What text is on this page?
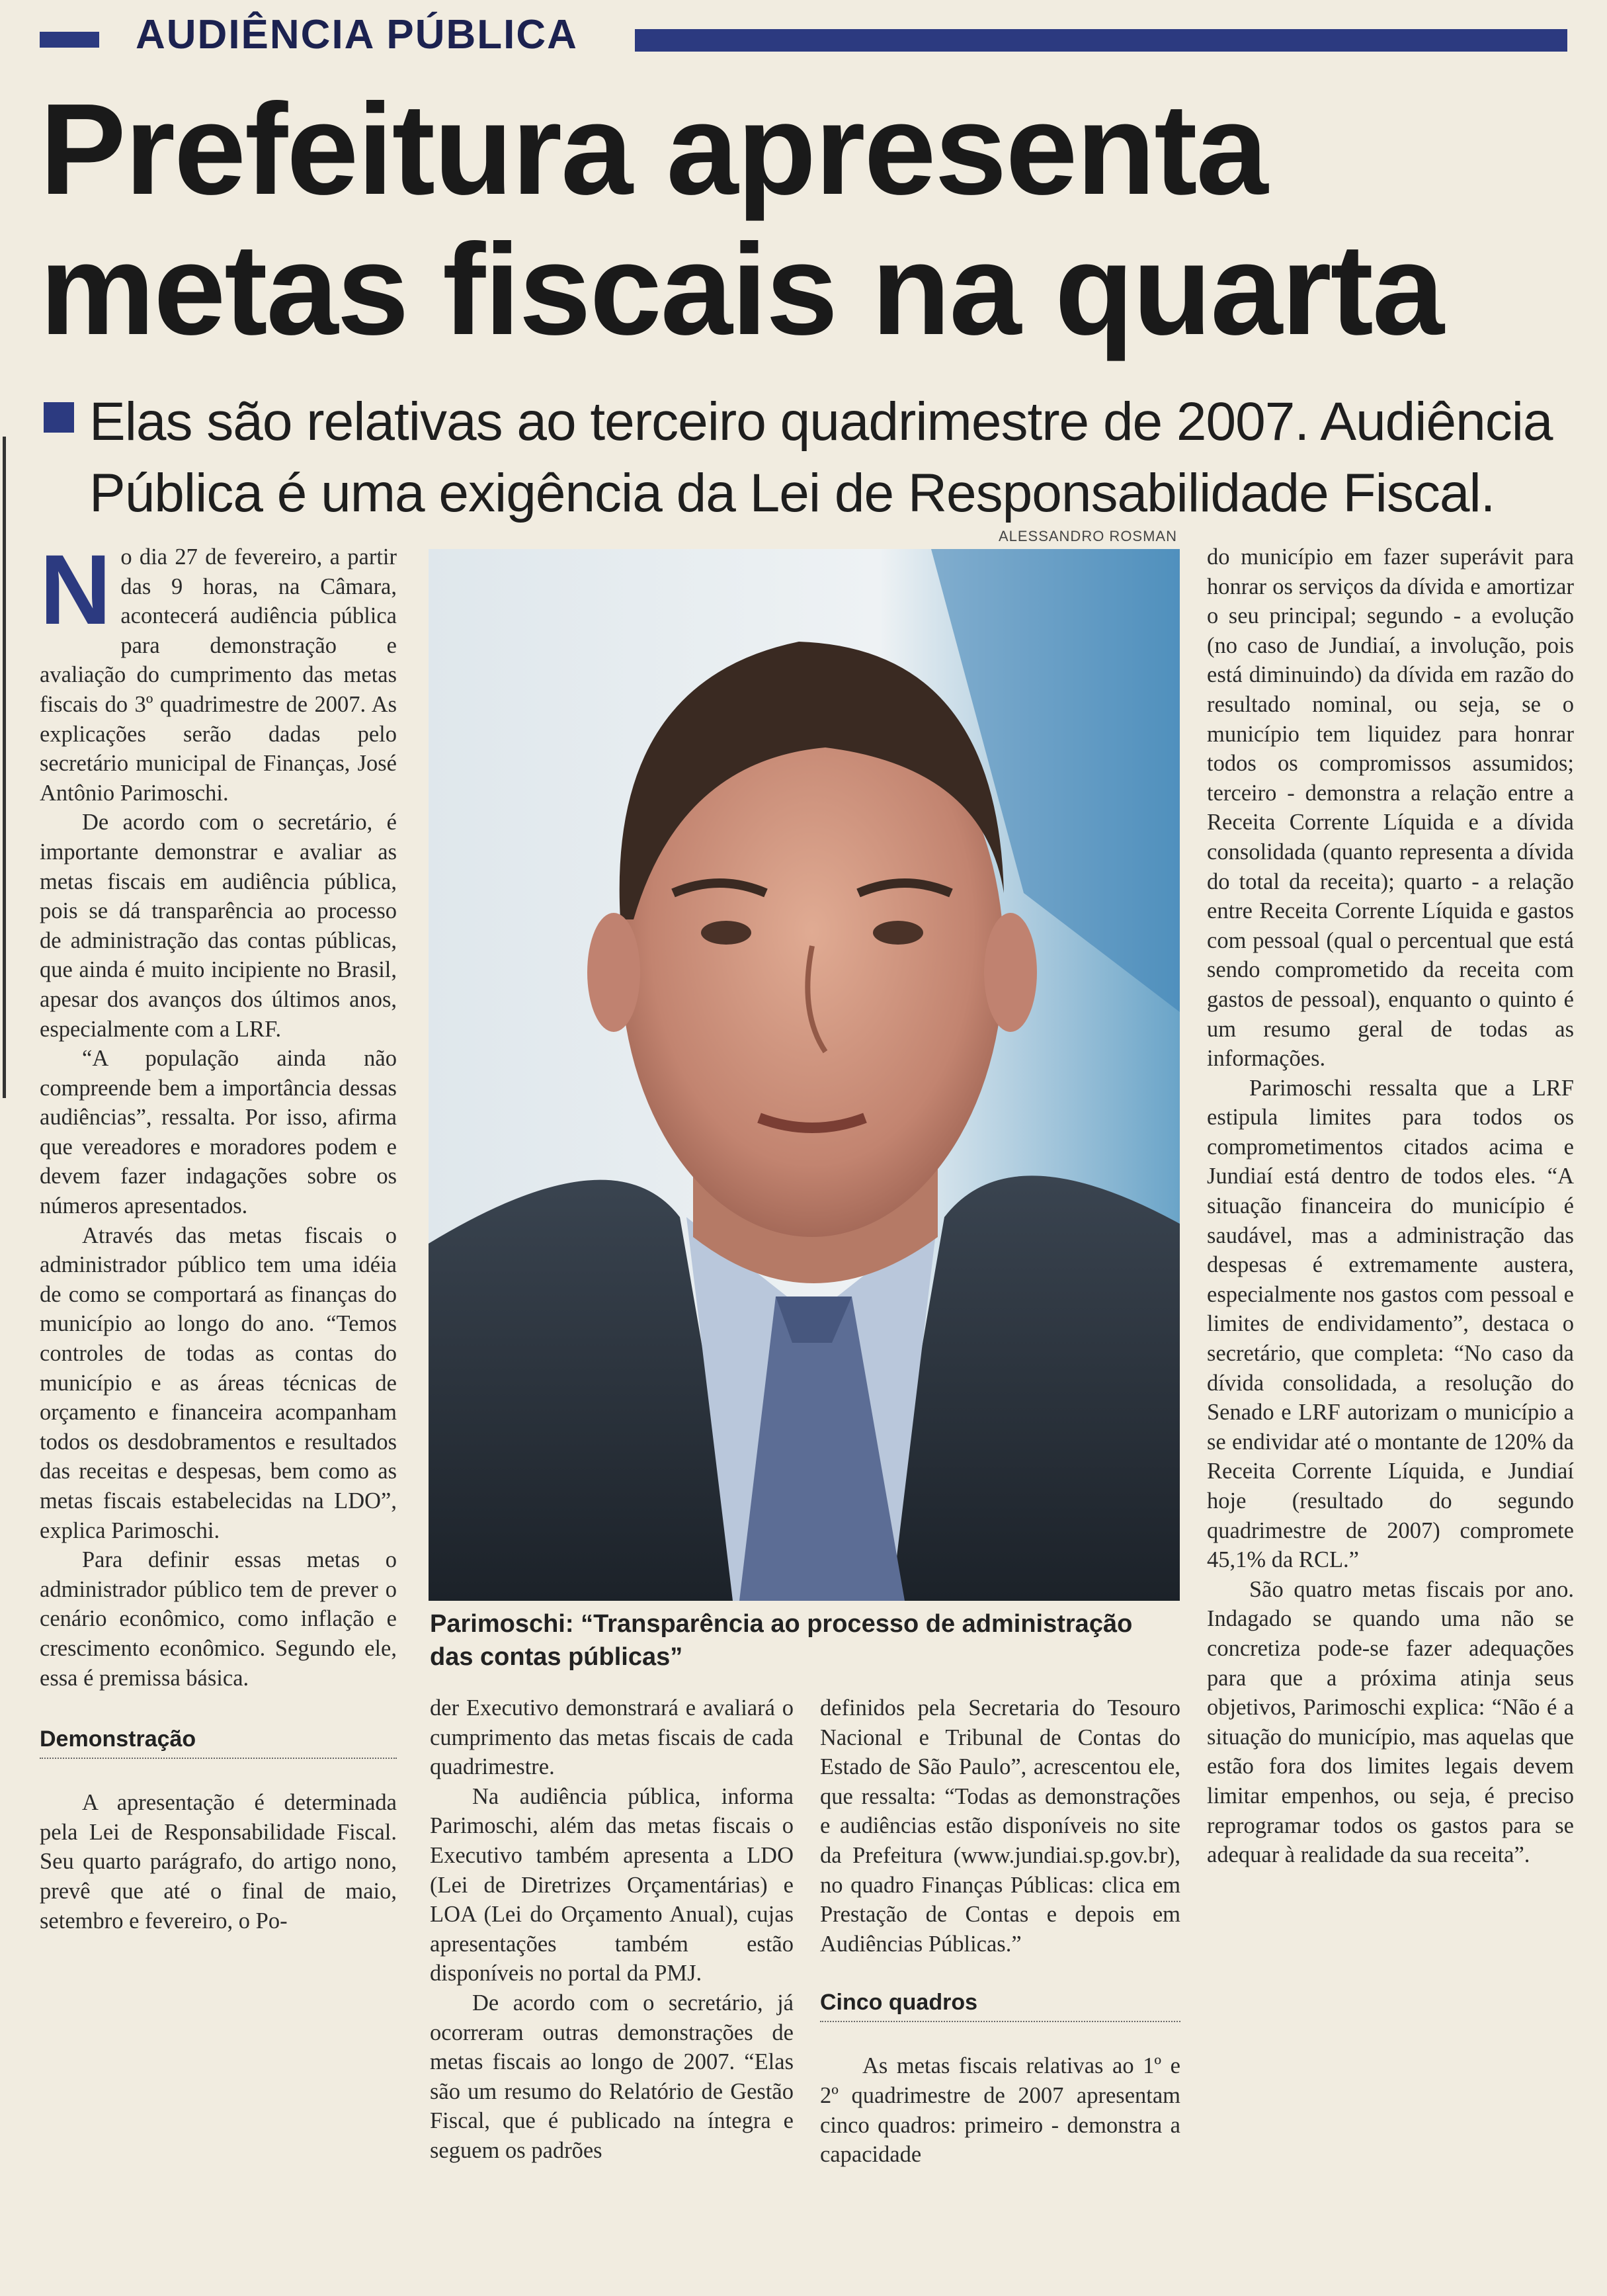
AUDIÊNCIA PÚBLICA
Prefeitura apresenta
metas fiscais na quarta

Elas são relativas ao terceiro quadrimestre de 2007. Audiência Pública é uma exigência da Lei de Responsabilidade Fiscal.

ALESSANDRO ROSMAN

Parimoschi: “Transparência ao processo de administração das contas públicas”

No dia 27 de fevereiro, a partir das 9 horas, na Câmara, acontecerá audiência pública para demonstração e avaliação do cumprimento das metas fiscais do 3º quadrimestre de 2007. As explicações serão dadas pelo secretário municipal de Finanças, José Antônio Parimoschi.

De acordo com o secretário, é importante demonstrar e avaliar as metas fiscais em audiência pública, pois se dá transparência ao processo de administração das contas públicas, que ainda é muito incipiente no Brasil, apesar dos avanços dos últimos anos, especialmente com a LRF.

“A população ainda não compreende bem a importância dessas audiências”, ressalta. Por isso, afirma que vereadores e moradores podem e devem fazer indagações sobre os números apresentados.

Através das metas fiscais o administrador público tem uma idéia de como se comportará as finanças do município ao longo do ano. “Temos controles de todas as contas do município e as áreas técnicas de orçamento e financeira acompanham todos os desdobramentos e resultados das receitas e despesas, bem como as metas fiscais estabelecidas na LDO”, explica Parimoschi.

Para definir essas metas o administrador público tem de prever o cenário econômico, como inflação e crescimento econômico. Segundo ele, essa é premissa básica.

Demonstração

A apresentação é determinada pela Lei de Responsabilidade Fiscal. Seu quarto parágrafo, do artigo nono, prevê que até o final de maio, setembro e fevereiro, o Po-

der Executivo demonstrará e avaliará o cumprimento das metas fiscais de cada quadrimestre.

Na audiência pública, informa Parimoschi, além das metas fiscais o Executivo também apresenta a LDO (Lei de Diretrizes Orçamentárias) e LOA (Lei do Orçamento Anual), cujas apresentações também estão disponíveis no portal da PMJ.

De acordo com o secretário, já ocorreram outras demonstrações de metas fiscais ao longo de 2007. “Elas são um resumo do Relatório de Gestão Fiscal, que é publicado na íntegra e seguem os padrões

definidos pela Secretaria do Tesouro Nacional e Tribunal de Contas do Estado de São Paulo”, acrescentou ele, que ressalta: “Todas as demonstrações e audiências estão disponíveis no site da Prefeitura (www.jundiai.sp.gov.br), no quadro Finanças Públicas: clica em Prestação de Contas e depois em Audiências Públicas.”

Cinco quadros

As metas fiscais relativas ao 1º e 2º quadrimestre de 2007 apresentam cinco quadros: primeiro - demonstra a capacidade

do município em fazer superávit para honrar os serviços da dívida e amortizar o seu principal; segundo - a evolução (no caso de Jundiaí, a involução, pois está diminuindo) da dívida em razão do resultado nominal, ou seja, se o município tem liquidez para honrar todos os compromissos assumidos; terceiro - demonstra a relação entre a Receita Corrente Líquida e a dívida consolidada (quanto representa a dívida do total da receita); quarto - a relação entre Receita Corrente Líquida e gastos com pessoal (qual o percentual que está sendo comprometido da receita com gastos de pessoal), enquanto o quinto é um resumo geral de todas as informações.

Parimoschi ressalta que a LRF estipula limites para todos os comprometimentos citados acima e Jundiaí está dentro de todos eles. “A situação financeira do município é saudável, mas a administração das despesas é extremamente austera, especialmente nos gastos com pessoal e limites de endividamento”, destaca o secretário, que completa: “No caso da dívida consolidada, a resolução do Senado e LRF autorizam o município a se endividar até o montante de 120% da Receita Corrente Líquida, e Jundiaí hoje (resultado do segundo quadrimestre de 2007) compromete 45,1% da RCL.”

São quatro metas fiscais por ano. Indagado se quando uma não se concretiza pode-se fazer adequações para que a próxima atinja seus objetivos, Parimoschi explica: “Não é a situação do município, mas aquelas que estão fora dos limites legais devem limitar empenhos, ou seja, é preciso reprogramar todos os gastos para se adequar à realidade da sua receita”.
